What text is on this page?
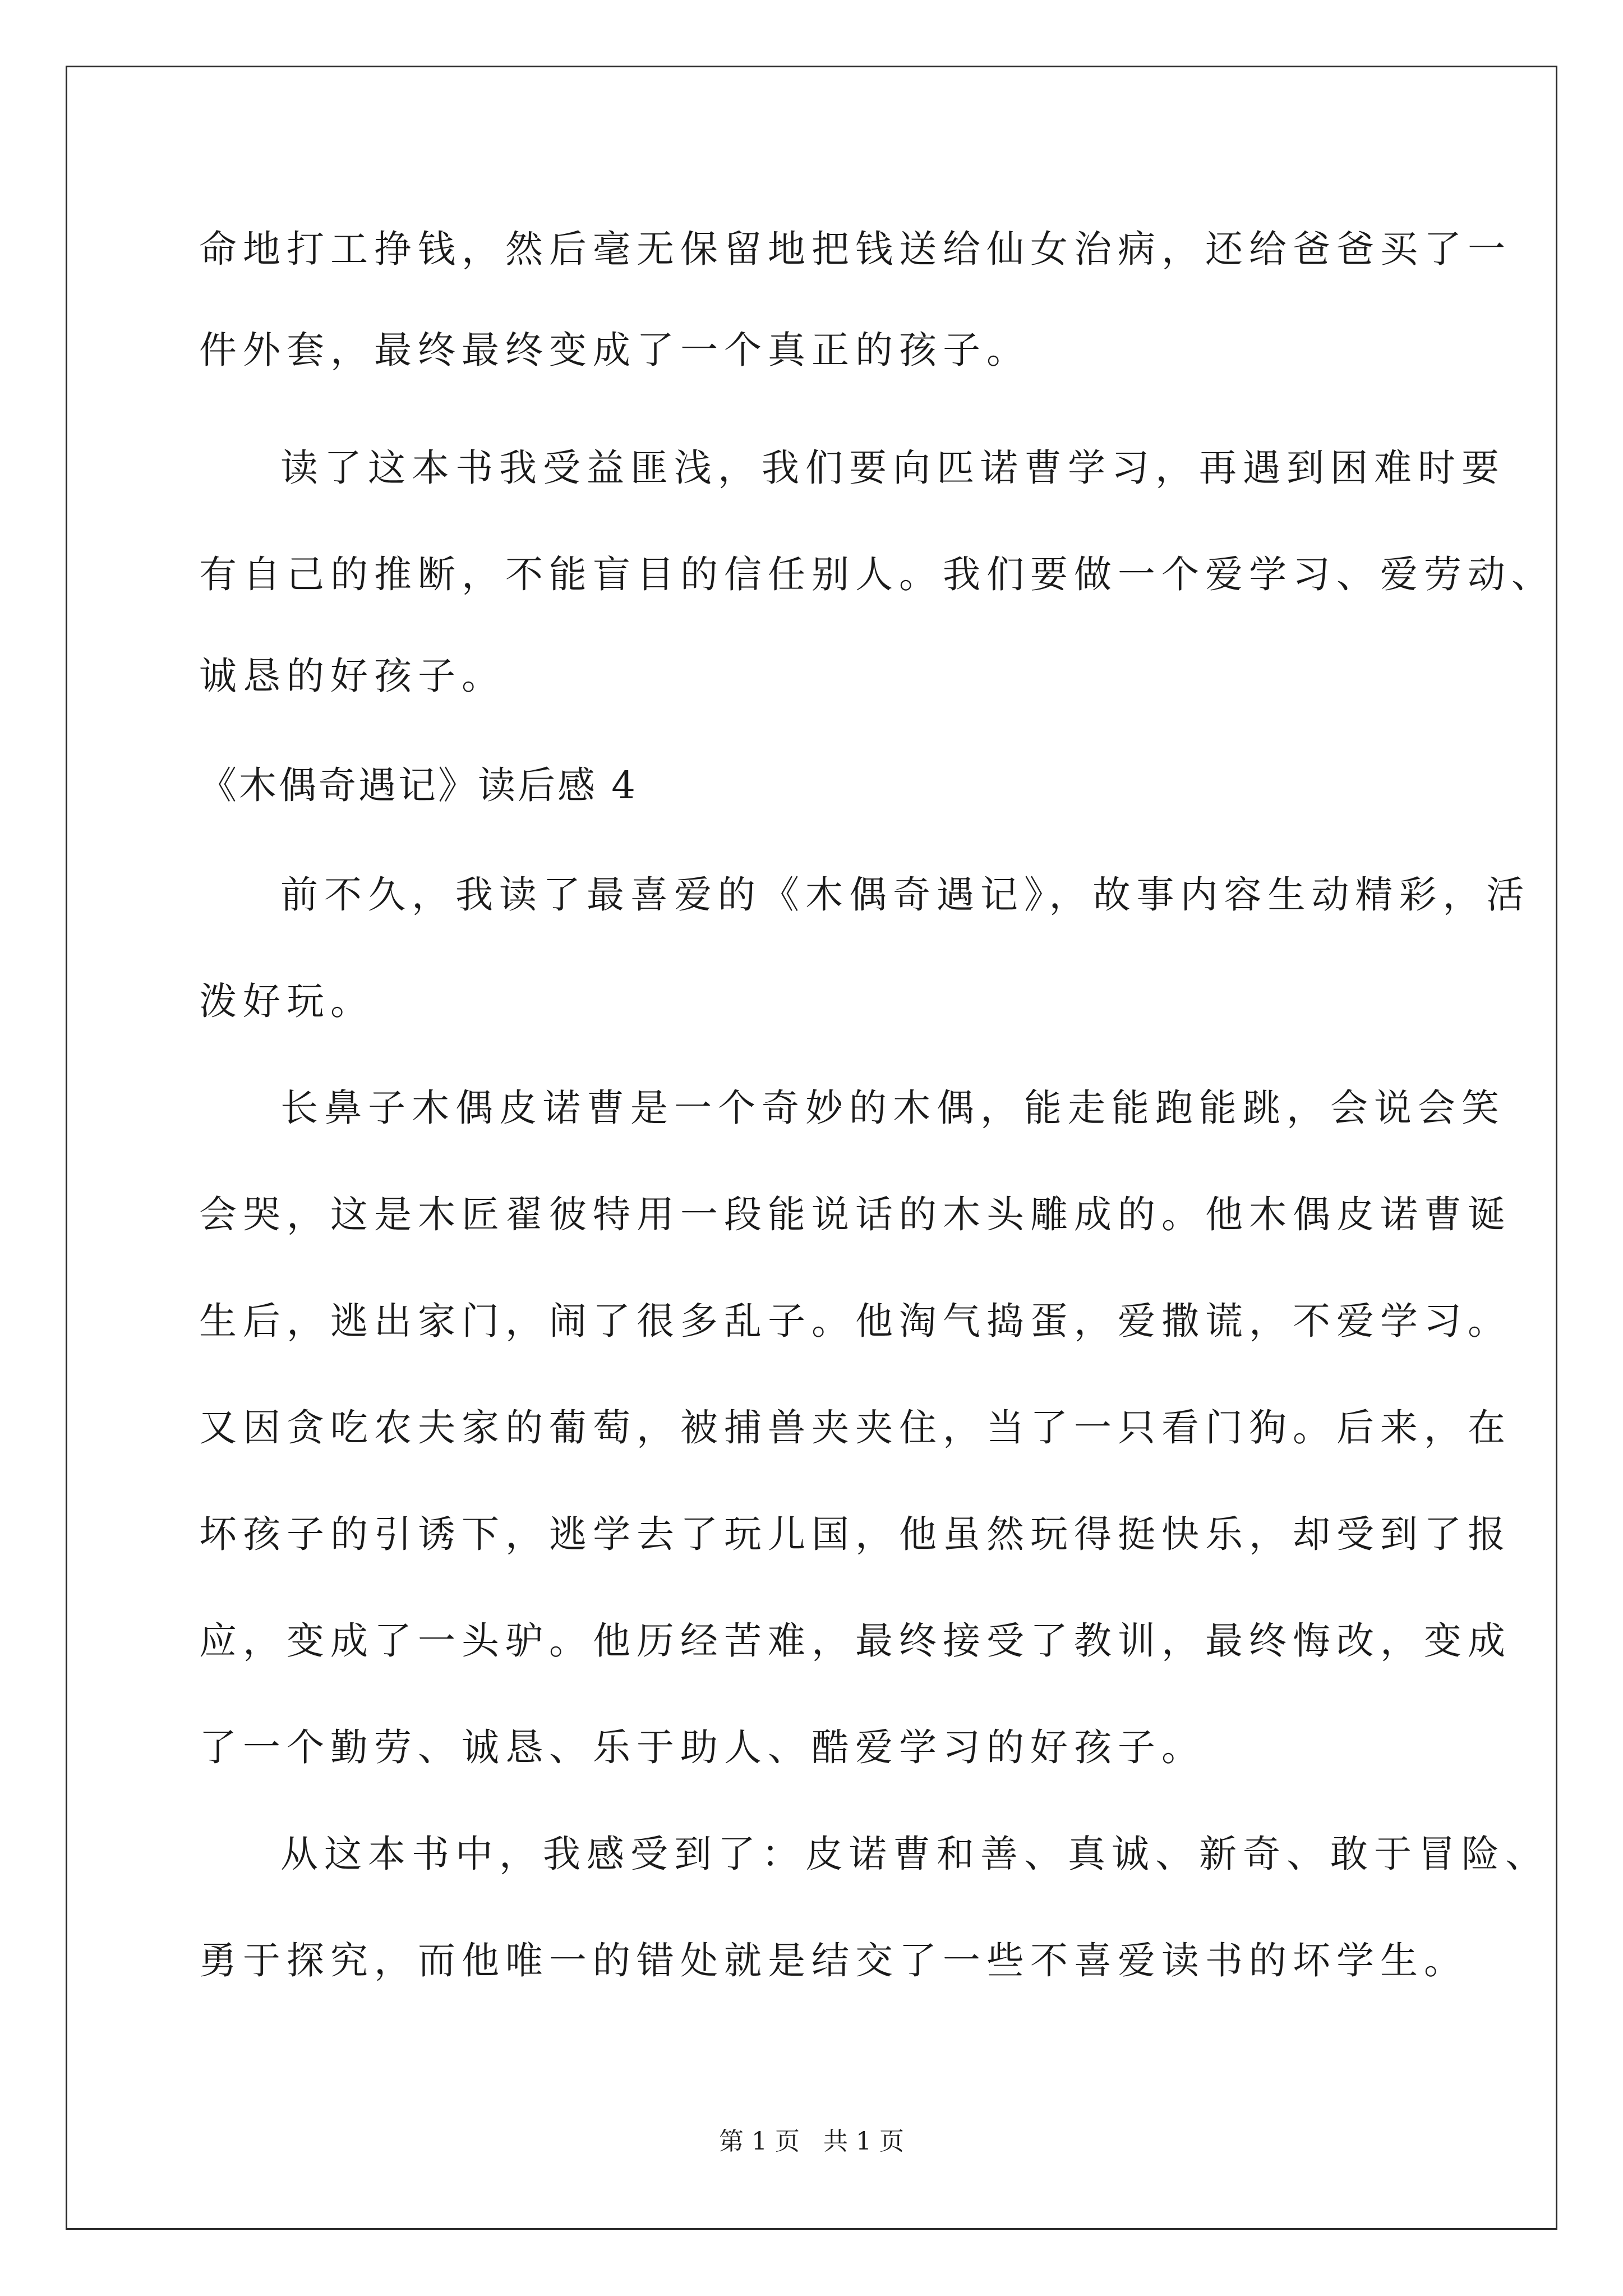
命地打工挣钱，然后毫无保留地把钱送给仙女治病，还给爸爸买了一
件外套，最终最终变成了一个真正的孩子。
读了这本书我受益匪浅，我们要向匹诺曹学习，再遇到困难时要
有自己的推断，不能盲目的信任别人。我们要做一个爱学习、爱劳动、
诚恳的好孩子。
《木偶奇遇记》读后感 4
前不久，我读了最喜爱的《木偶奇遇记》，故事内容生动精彩，活
泼好玩。
长鼻子木偶皮诺曹是一个奇妙的木偶，能走能跑能跳，会说会笑
会哭，这是木匠翟彼特用一段能说话的木头雕成的。他木偶皮诺曹诞
生后，逃出家门，闹了很多乱子。他淘气捣蛋，爱撒谎，不爱学习。
又因贪吃农夫家的葡萄，被捕兽夹夹住，当了一只看门狗。后来，在
坏孩子的引诱下，逃学去了玩儿国，他虽然玩得挺快乐，却受到了报
应，变成了一头驴。他历经苦难，最终接受了教训，最终悔改，变成
了一个勤劳、诚恳、乐于助人、酷爱学习的好孩子。
从这本书中，我感受到了：皮诺曹和善、真诚、新奇、敢于冒险、
勇于探究，而他唯一的错处就是结交了一些不喜爱读书的坏学生。
第 1 页   共 1 页
